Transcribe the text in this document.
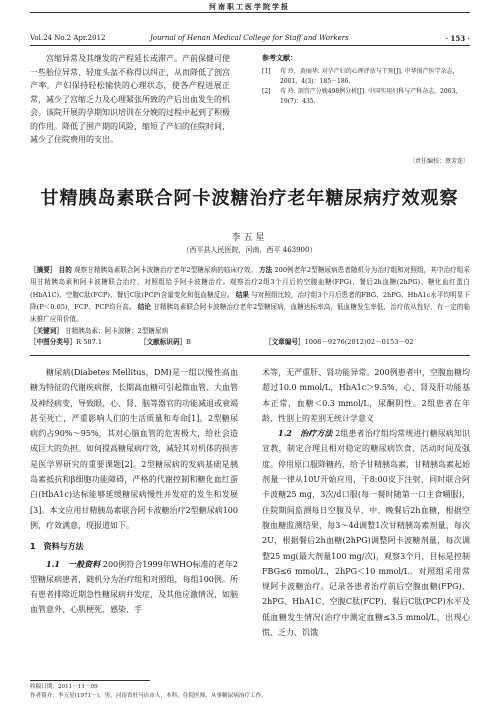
河南职工医学院学报
Vol.24 No.2 Apr.2012	Journal of Henan Medical College for Staff and Workers	· 153 ·
宫缩异常及其继发的产程延长或滞产。产前保健可使一些胎位异常、轻度头盆不称得以纠正，从而降低了剖宫产率。产妇保持轻松愉快的心理状态，使各产程进展正常，减少了宫缩乏力及心理紧张所致的产后出血发生的机会。该院开展的孕期知识培训在分娩的过程中起到了积极的作用。降低了围产期的风险，缩短了产妇的住院时间，减少了住院费用的支出。
参考文献：
[1]	苟 玲，黄丽华. 对孕产妇的心理评估与干预[J]. 中华围产医学杂志，2001，4(3)：185－186.
[2]	苟 玲. 剖宫产分娩498例分析[J]. 中国实用妇科与产科杂志，2003，19(7)：435.
〔责任编校：蔡芳连〕
甘精胰岛素联合阿卡波糖治疗老年糖尿病疗效观察
李五星
（西平县人民医院，河南，西平 463900）
［摘要］ 目的 观察甘精胰岛素联合阿卡波糖治疗老年2型糖尿病的临床疗效。 方法 200例老年2型糖尿病患者随机分为治疗组和对照组，其中治疗组采用甘精胰岛素和阿卡波糖联合治疗，对照组给予阿卡波糖治疗。观察治疗2组3个月后的空腹血糖(FPG)、餐后2h血糖(2hPG)、糖化血红蛋白(HbA1C)、空腹C肽(FCP)、餐后C肽(PCP)含量变化和低血糖反应。 结果 与对照组比较，治疗组3个月后患者的FBG、2hPG、HbA1c水平均明显下降(P＜0.05)，FCP、PCP均升高。 结论 甘精胰岛素联合阿卡波糖治疗老年2型糖尿病，血糖达标率高，低血糖发生率低，治疗依从性好，有一定的临床推广应用价值。
［关键词］ 甘精胰岛素；阿卡波糖；2型糖尿病
［中图分类号］R 587.1	［文献标识码］B	［文章编号］1008－9276(2012)02－0153－02
糖尿病(Diabetes Mellitus，DM)是一组以慢性高血糖为特征的代谢疾病群，长期高血糖可引起微血管、大血管及神经病变，导致眼、心、肾、脑等器官的功能减退或衰竭甚至死亡，严重影响人们的生活质量和寿命[1]。2型糖尿病约占90%～95%，其对心脑血管的危害极大，给社会造成巨大的负担。如何提高糖尿病疗效，减轻其对机体的损害是医学界研究的重要课题[2]。2型糖尿病的发病基础是胰岛素抵抗和β细胞功能障碍，严格的代谢控制和糖化血红蛋白(HbA1c)达标能够延缓糖尿病慢性并发症的发生和发展[3]。本文应用甘精胰岛素联合阿卡波糖治疗2型糖尿病100例，疗效满意，现报道如下。
1　资料与方法
1.1　一般资料 200例符合1999年WHO标准的老年2型糖尿病患者，随机分为治疗组和对照组，每组100例。所有患者排除近期急性糖尿病并发症，及其他应激情况，如脑血管意外、心肌梗死、感染、手
术等，无严重肝、肾功能异常。200例患者中，空腹血糖均超过10.0 mmol/L，HbA1c＞9.5%，心、肾及肝功能基本正常，血糖＜0.3 mmol/L，尿酮阴性。2组患者在年龄、性别上的差别无统计学意义
1.2　治疗方法 2组患者治疗组均常规进行糖尿病知识宣教，制定合理且相对稳定的糖尿病饮食、活动时间及强度。停用原口服降糖药，给予甘精胰岛素，甘精胰岛素起始剂量一律从10U开始应用，于8:00皮下注射，同时联合阿卡波糖25 mg，3次/d口服(每一餐时随第一口主食嚼服)，住院期间监测每日空腹及早、中、晚餐后2h血糖，根据空腹血糖监测结果，每3～4d调整1次甘精胰岛素剂量，每次2U，根据餐后2h血糖(2hPG)调整阿卡波糖剂量，每次调整25 mg(最大剂量100 mg/次)，观察3个月，目标是控制FBG≤6 mmol/L，2hPG＜10 mmol/L。对照组采用常规阿卡波糖治疗。记录各患者治疗前后空腹血糖(FPG)、2hPG、HbA1C、空腹C肽(FCP)、餐后C肽(PCP)水平及低血糖发生情况(治疗中测定血糖≤3.5 mmol/L，出现心慌、乏力、饥饿
收稿日期：2011－11－09
作者简介：李五星(1971－)，男，河南省驻马店市人，本科，住院医师，从事糖尿病治疗工作。
